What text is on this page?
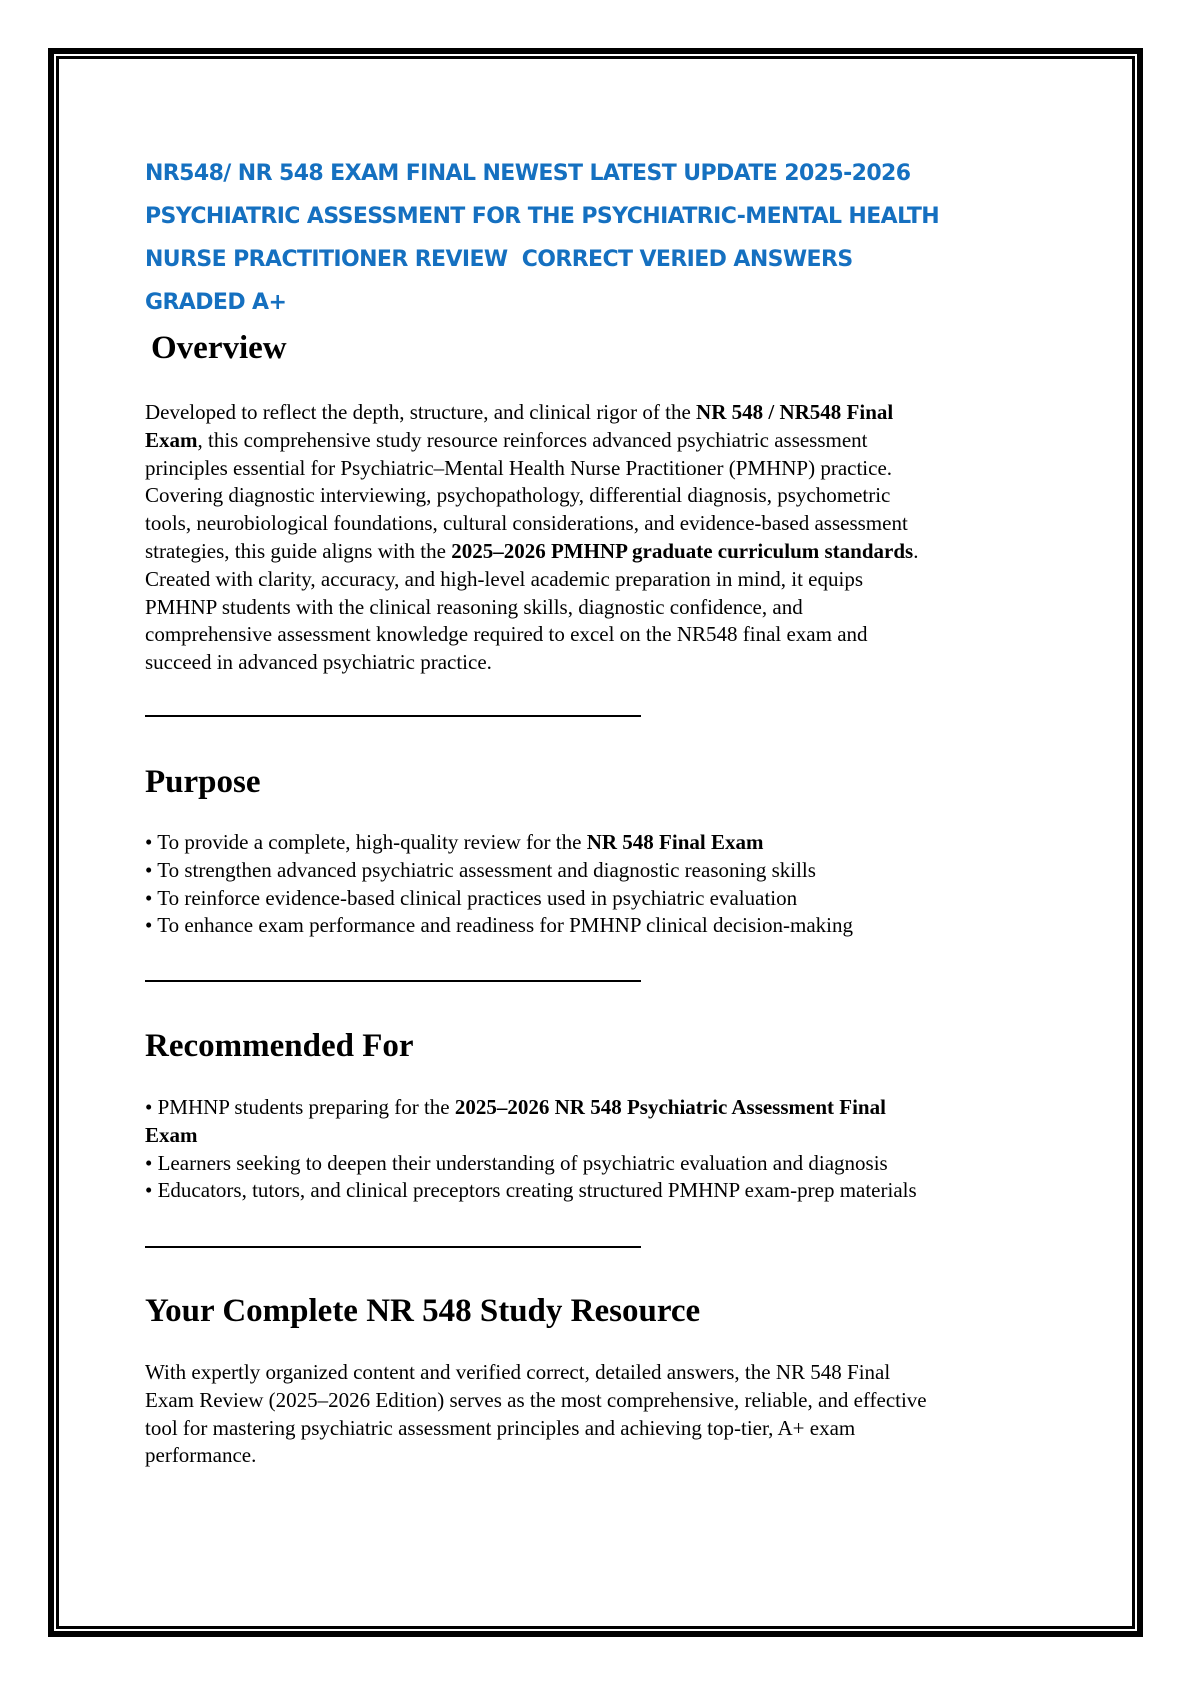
NR548/ NR 548 EXAM FINAL NEWEST LATEST UPDATE 2025-2026
PSYCHIATRIC ASSESSMENT FOR THE PSYCHIATRIC-MENTAL HEALTH
NURSE PRACTITIONER REVIEW  CORRECT VERIED ANSWERS
GRADED A+
Overview
Developed to reflect the depth, structure, and clinical rigor of the NR 548 / NR548 Final
Exam, this comprehensive study resource reinforces advanced psychiatric assessment
principles essential for Psychiatric–Mental Health Nurse Practitioner (PMHNP) practice.
Covering diagnostic interviewing, psychopathology, differential diagnosis, psychometric
tools, neurobiological foundations, cultural considerations, and evidence-based assessment
strategies, this guide aligns with the 2025–2026 PMHNP graduate curriculum standards.
Created with clarity, accuracy, and high-level academic preparation in mind, it equips
PMHNP students with the clinical reasoning skills, diagnostic confidence, and
comprehensive assessment knowledge required to excel on the NR548 final exam and
succeed in advanced psychiatric practice.
Purpose
• To provide a complete, high-quality review for the NR 548 Final Exam
• To strengthen advanced psychiatric assessment and diagnostic reasoning skills
• To reinforce evidence-based clinical practices used in psychiatric evaluation
• To enhance exam performance and readiness for PMHNP clinical decision-making
Recommended For
• PMHNP students preparing for the 2025–2026 NR 548 Psychiatric Assessment Final
Exam
• Learners seeking to deepen their understanding of psychiatric evaluation and diagnosis
• Educators, tutors, and clinical preceptors creating structured PMHNP exam-prep materials
Your Complete NR 548 Study Resource
With expertly organized content and verified correct, detailed answers, the NR 548 Final
Exam Review (2025–2026 Edition) serves as the most comprehensive, reliable, and effective
tool for mastering psychiatric assessment principles and achieving top-tier, A+ exam
performance.
